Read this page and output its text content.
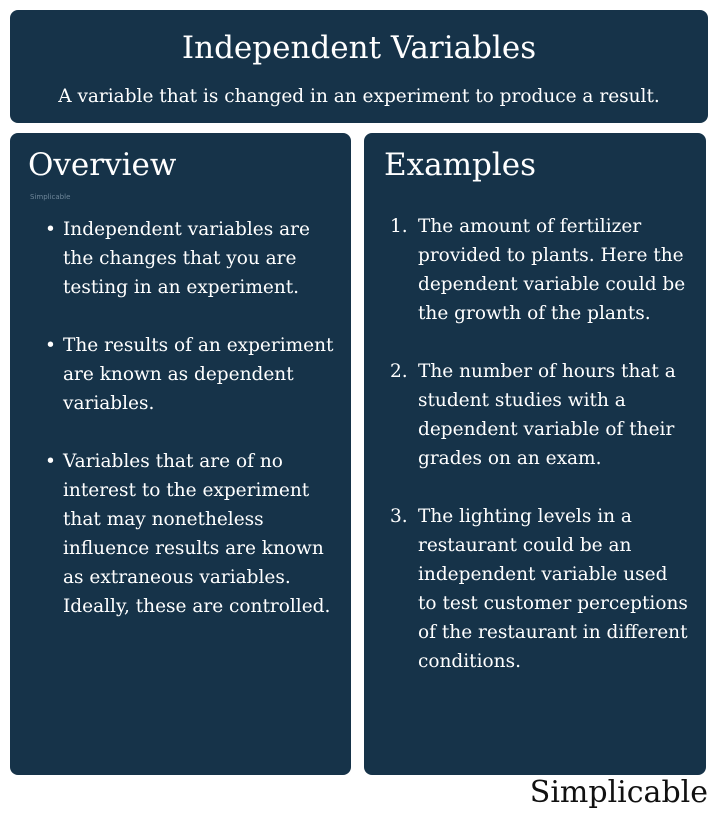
Independent Variables

A variable that is changed in an experiment to produce a result.

Overview
Simplicable
• Independent variables are the changes that you are testing in an experiment.
• The results of an experiment are known as dependent variables.
• Variables that are of no interest to the experiment that may nonetheless influence results are known as extraneous variables. Ideally, these are controlled.
Examples
1. The amount of fertilizer provided to plants. Here the dependent variable could be the growth of the plants.
2. The number of hours that a student studies with a dependent variable of their grades on an exam.
3. The lighting levels in a restaurant could be an independent variable used to test customer perceptions of the restaurant in different conditions.
Simplicable
